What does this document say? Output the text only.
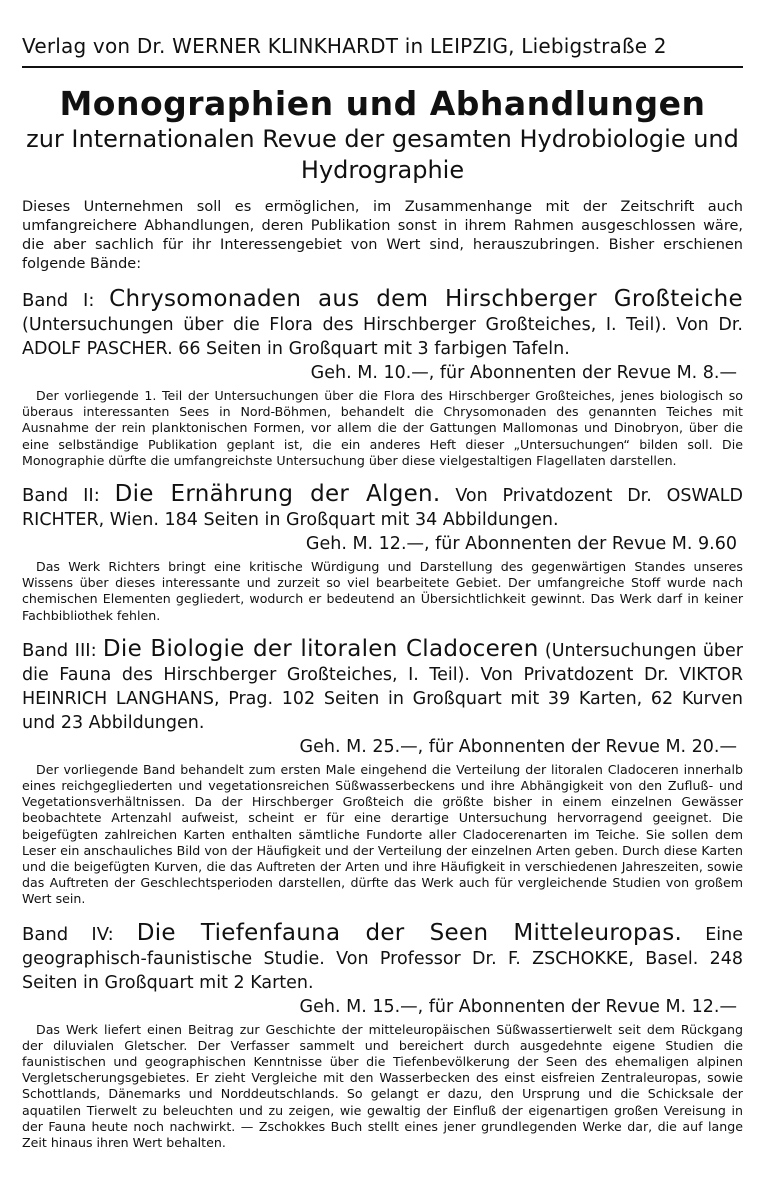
Verlag von Dr. WERNER KLINKHARDT in LEIPZIG, Liebigstraße 2
Monographien und Abhandlungen
zur Internationalen Revue der gesamten Hydrobiologie und Hydrographie

Dieses Unternehmen soll es ermöglichen, im Zusammenhange mit der Zeitschrift auch umfangreichere Abhandlungen, deren Publikation sonst in ihrem Rahmen ausgeschlossen wäre, die aber sachlich für ihr Interessengebiet von Wert sind, herauszubringen. Bisher erschienen folgende Bände:

Band I: Chrysomonaden aus dem Hirschberger Großteiche (Untersuchungen über die Flora des Hirschberger Großteiches, I. Teil). Von Dr. ADOLF PASCHER. 66 Seiten in Großquart mit 3 farbigen Tafeln.
Geh. M. 10.—, für Abonnenten der Revue M. 8.—
Der vorliegende 1. Teil der Untersuchungen über die Flora des Hirschberger Großteiches, jenes biologisch so überaus interessanten Sees in Nord-Böhmen, behandelt die Chrysomonaden des genannten Teiches mit Ausnahme der rein planktonischen Formen, vor allem die der Gattungen Mallomonas und Dinobryon, über die eine selbständige Publikation geplant ist, die ein anderes Heft dieser „Untersuchungen“ bilden soll. Die Monographie dürfte die umfangreichste Untersuchung über diese vielgestaltigen Flagellaten darstellen.
Band II: Die Ernährung der Algen. Von Privatdozent Dr. OSWALD RICHTER, Wien. 184 Seiten in Großquart mit 34 Abbildungen.
Geh. M. 12.—, für Abonnenten der Revue M. 9.60
Das Werk Richters bringt eine kritische Würdigung und Darstellung des gegenwärtigen Standes unseres Wissens über dieses interessante und zurzeit so viel bearbeitete Gebiet. Der umfangreiche Stoff wurde nach chemischen Elementen gegliedert, wodurch er bedeutend an Übersichtlichkeit gewinnt. Das Werk darf in keiner Fachbibliothek fehlen.
Band III: Die Biologie der litoralen Cladoceren (Untersuchungen über die Fauna des Hirschberger Großteiches, I. Teil). Von Privatdozent Dr. VIKTOR HEINRICH LANGHANS, Prag. 102 Seiten in Großquart mit 39 Karten, 62 Kurven und 23 Abbildungen.
Geh. M. 25.—, für Abonnenten der Revue M. 20.—
Der vorliegende Band behandelt zum ersten Male eingehend die Verteilung der litoralen Cladoceren innerhalb eines reichgegliederten und vegetationsreichen Süßwasserbeckens und ihre Abhängigkeit von den Zufluß- und Vegetationsverhältnissen. Da der Hirschberger Großteich die größte bisher in einem einzelnen Gewässer beobachtete Artenzahl aufweist, scheint er für eine derartige Untersuchung hervorragend geeignet. Die beigefügten zahlreichen Karten enthalten sämtliche Fundorte aller Cladocerenarten im Teiche. Sie sollen dem Leser ein anschauliches Bild von der Häufigkeit und der Verteilung der einzelnen Arten geben. Durch diese Karten und die beigefügten Kurven, die das Auftreten der Arten und ihre Häufigkeit in verschiedenen Jahreszeiten, sowie das Auftreten der Geschlechtsperioden darstellen, dürfte das Werk auch für vergleichende Studien von großem Wert sein.
Band IV: Die Tiefenfauna der Seen Mitteleuropas. Eine geographisch-faunistische Studie. Von Professor Dr. F. ZSCHOKKE, Basel. 248 Seiten in Großquart mit 2 Karten.
Geh. M. 15.—, für Abonnenten der Revue M. 12.—
Das Werk liefert einen Beitrag zur Geschichte der mitteleuropäischen Süßwassertierwelt seit dem Rückgang der diluvialen Gletscher. Der Verfasser sammelt und bereichert durch ausgedehnte eigene Studien die faunistischen und geographischen Kenntnisse über die Tiefenbevölkerung der Seen des ehemaligen alpinen Vergletscherungsgebietes. Er zieht Vergleiche mit den Wasserbecken des einst eisfreien Zentraleuropas, sowie Schottlands, Dänemarks und Norddeutschlands. So gelangt er dazu, den Ursprung und die Schicksale der aquatilen Tierwelt zu beleuchten und zu zeigen, wie gewaltig der Einfluß der eigenartigen großen Vereisung in der Fauna heute noch nachwirkt. — Zschokkes Buch stellt eines jener grundlegenden Werke dar, die auf lange Zeit hinaus ihren Wert behalten.
